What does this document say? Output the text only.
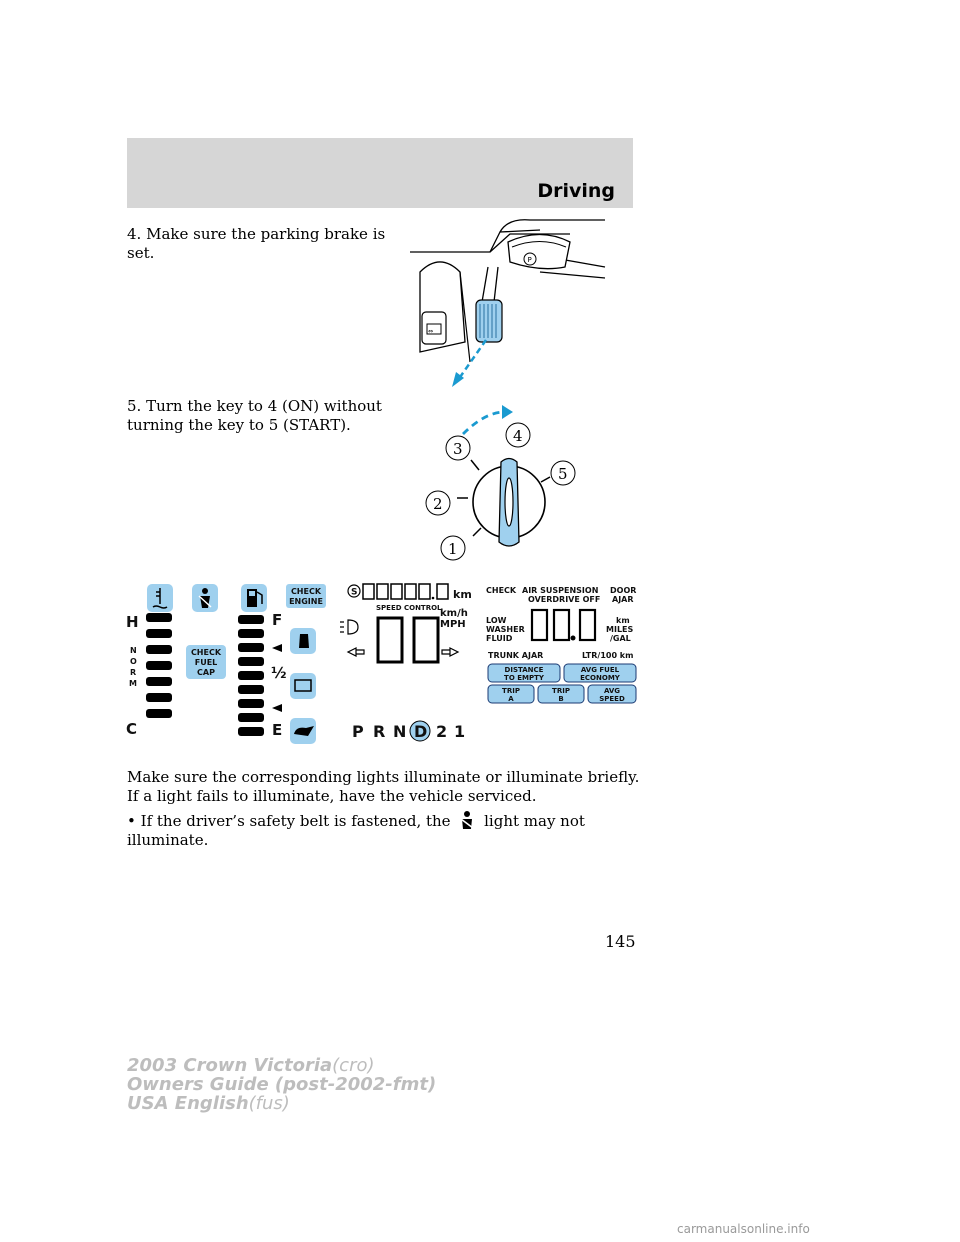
Driving
4. Make sure the parking brake is set.	P
⇔
5. Turn the key to 4 (ON) without turning the key to 5 (START).
1
2
3
4
5
H
N
O
R
M
C
CHECK
FUEL
CAP
F
½
E
CHECK
ENGINE
S	km
SPEED CONTROL
km/h
MPH
P R N D 2 1
CHECK AIR SUSPENSION
OVERDRIVE OFF
DOOR
AJAR
LOW
WASHER
FLUID
km
MILES
/GAL
TRUNK AJAR	LTR/100 km
DISTANCE
TO EMPTY
AVG FUEL
ECONOMY
TRIP
A
TRIP
B
AVG
SPEED
Make sure the corresponding lights illuminate or illuminate briefly. If a light fails to illuminate, have the vehicle serviced.
• If the driver’s safety belt is fastened, the light may not illuminate.
145
2003 Crown Victoria(cro)
Owners Guide (post-2002-fmt)
USA English(fus)
carmanualsonline.info
